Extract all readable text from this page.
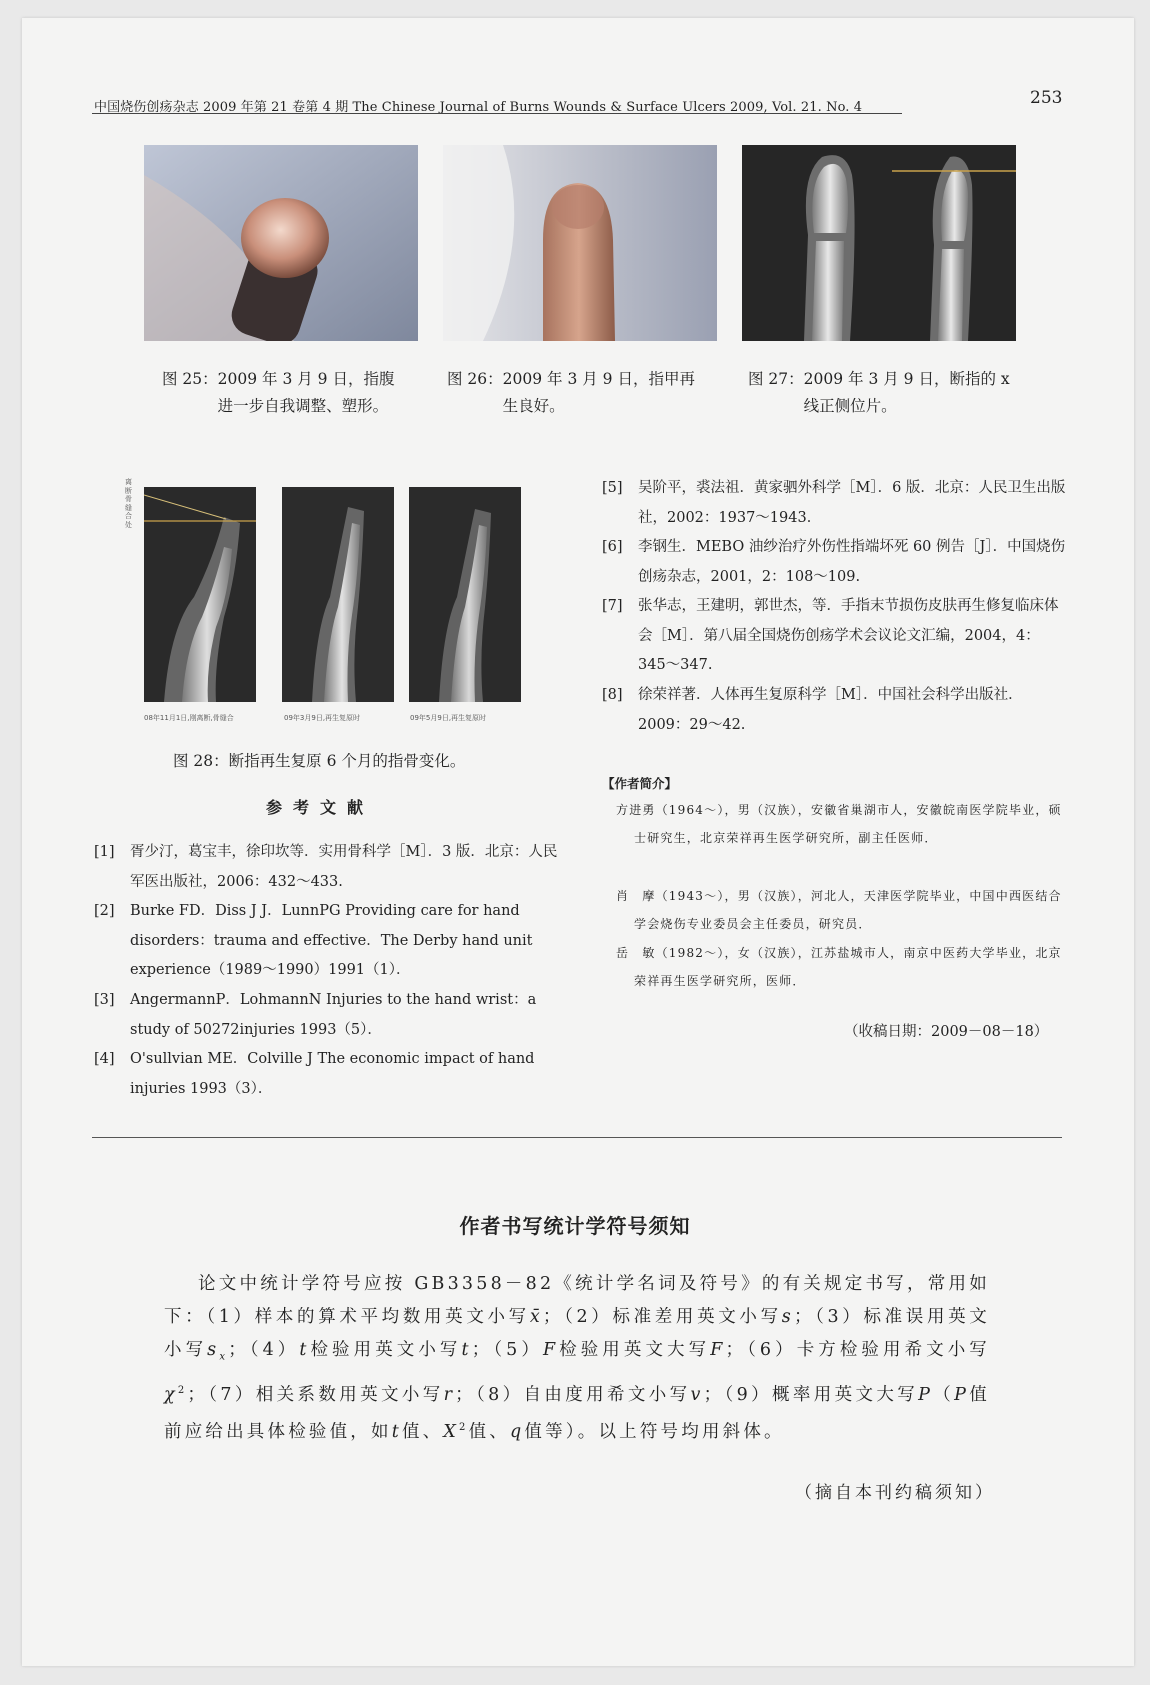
中国烧伤创疡杂志 2009 年第 21 卷第 4 期 The Chinese Journal of Burns Wounds & Surface Ulcers 2009, Vol. 21. No. 4	253
图 25： 2009 年 3 月 9 日，指腹进一步自我调整、塑形。
图 26： 2009 年 3 月 9 日，指甲再生良好。
图 27： 2009 年 3 月 9 日，断指的 x 线正侧位片。
离断骨缝合处
08年11月1日,刚离断,骨缝合	09年3月9日,再生复原时	09年5月9日,再生复原时
图 28：断指再生复原 6 个月的指骨变化。
参考文献
[1]	胥少汀，葛宝丰，徐印坎等．实用骨科学［M］．3 版．北京：人民军医出版社，2006：432～433.
[2]	Burke FD．Diss J J．LunnPG Providing care for hand disorders：trauma and effective．The Derby hand unit experience（1989～1990）1991（1）．
[3]	AngermannP．LohmannN Injuries to the hand wrist：a study of 50272injuries 1993（5）．
[4]	O'sullvian ME．Colville J The economic impact of hand injuries 1993（3）．
[5]	吴阶平，裘法祖．黄家驷外科学［M］．6 版．北京：人民卫生出版社，2002：1937～1943．
[6]	李钢生．MEBO 油纱治疗外伤性指端坏死 60 例告［J］．中国烧伤创疡杂志，2001，2：108～109.
[7]	张华志，王建明，郭世杰，等．手指末节损伤皮肤再生修复临床体会［M］．第八届全国烧伤创疡学术会议论文汇编，2004，4：345～347.
[8]	徐荣祥著．人体再生复原科学［M］．中国社会科学出版社．2009：29～42.
【作者简介】
方进勇（1964～），男（汉族），安徽省巢湖市人，安徽皖南医学院毕业，硕士研究生，北京荣祥再生医学研究所，副主任医师．
肖　摩（1943～），男（汉族），河北人，天津医学院毕业，中国中西医结合学会烧伤专业委员会主任委员，研究员．
岳　敏（1982～），女（汉族），江苏盐城市人，南京中医药大学毕业，北京荣祥再生医学研究所，医师．
（收稿日期：2009－08－18）
作者书写统计学符号须知
论文中统计学符号应按 GB3358－82《统计学名词及符号》的有关规定书写，常用如下：（1）样本的算术平均数用英文小写x̄；（2）标准差用英文小写s；（3）标准误用英文小写$s_x$；（4）t检验用英文小写t；（5）F检验用英文大写F；（6）卡方检验用希文小写$\chi^2$；（7）相关系数用英文小写r；（8）自由度用希文小写v；（9）概率用英文大写P（P值前应给出具体检验值，如t值、$X^2$值、q值等）。以上符号均用斜体。
（摘自本刊约稿须知）
